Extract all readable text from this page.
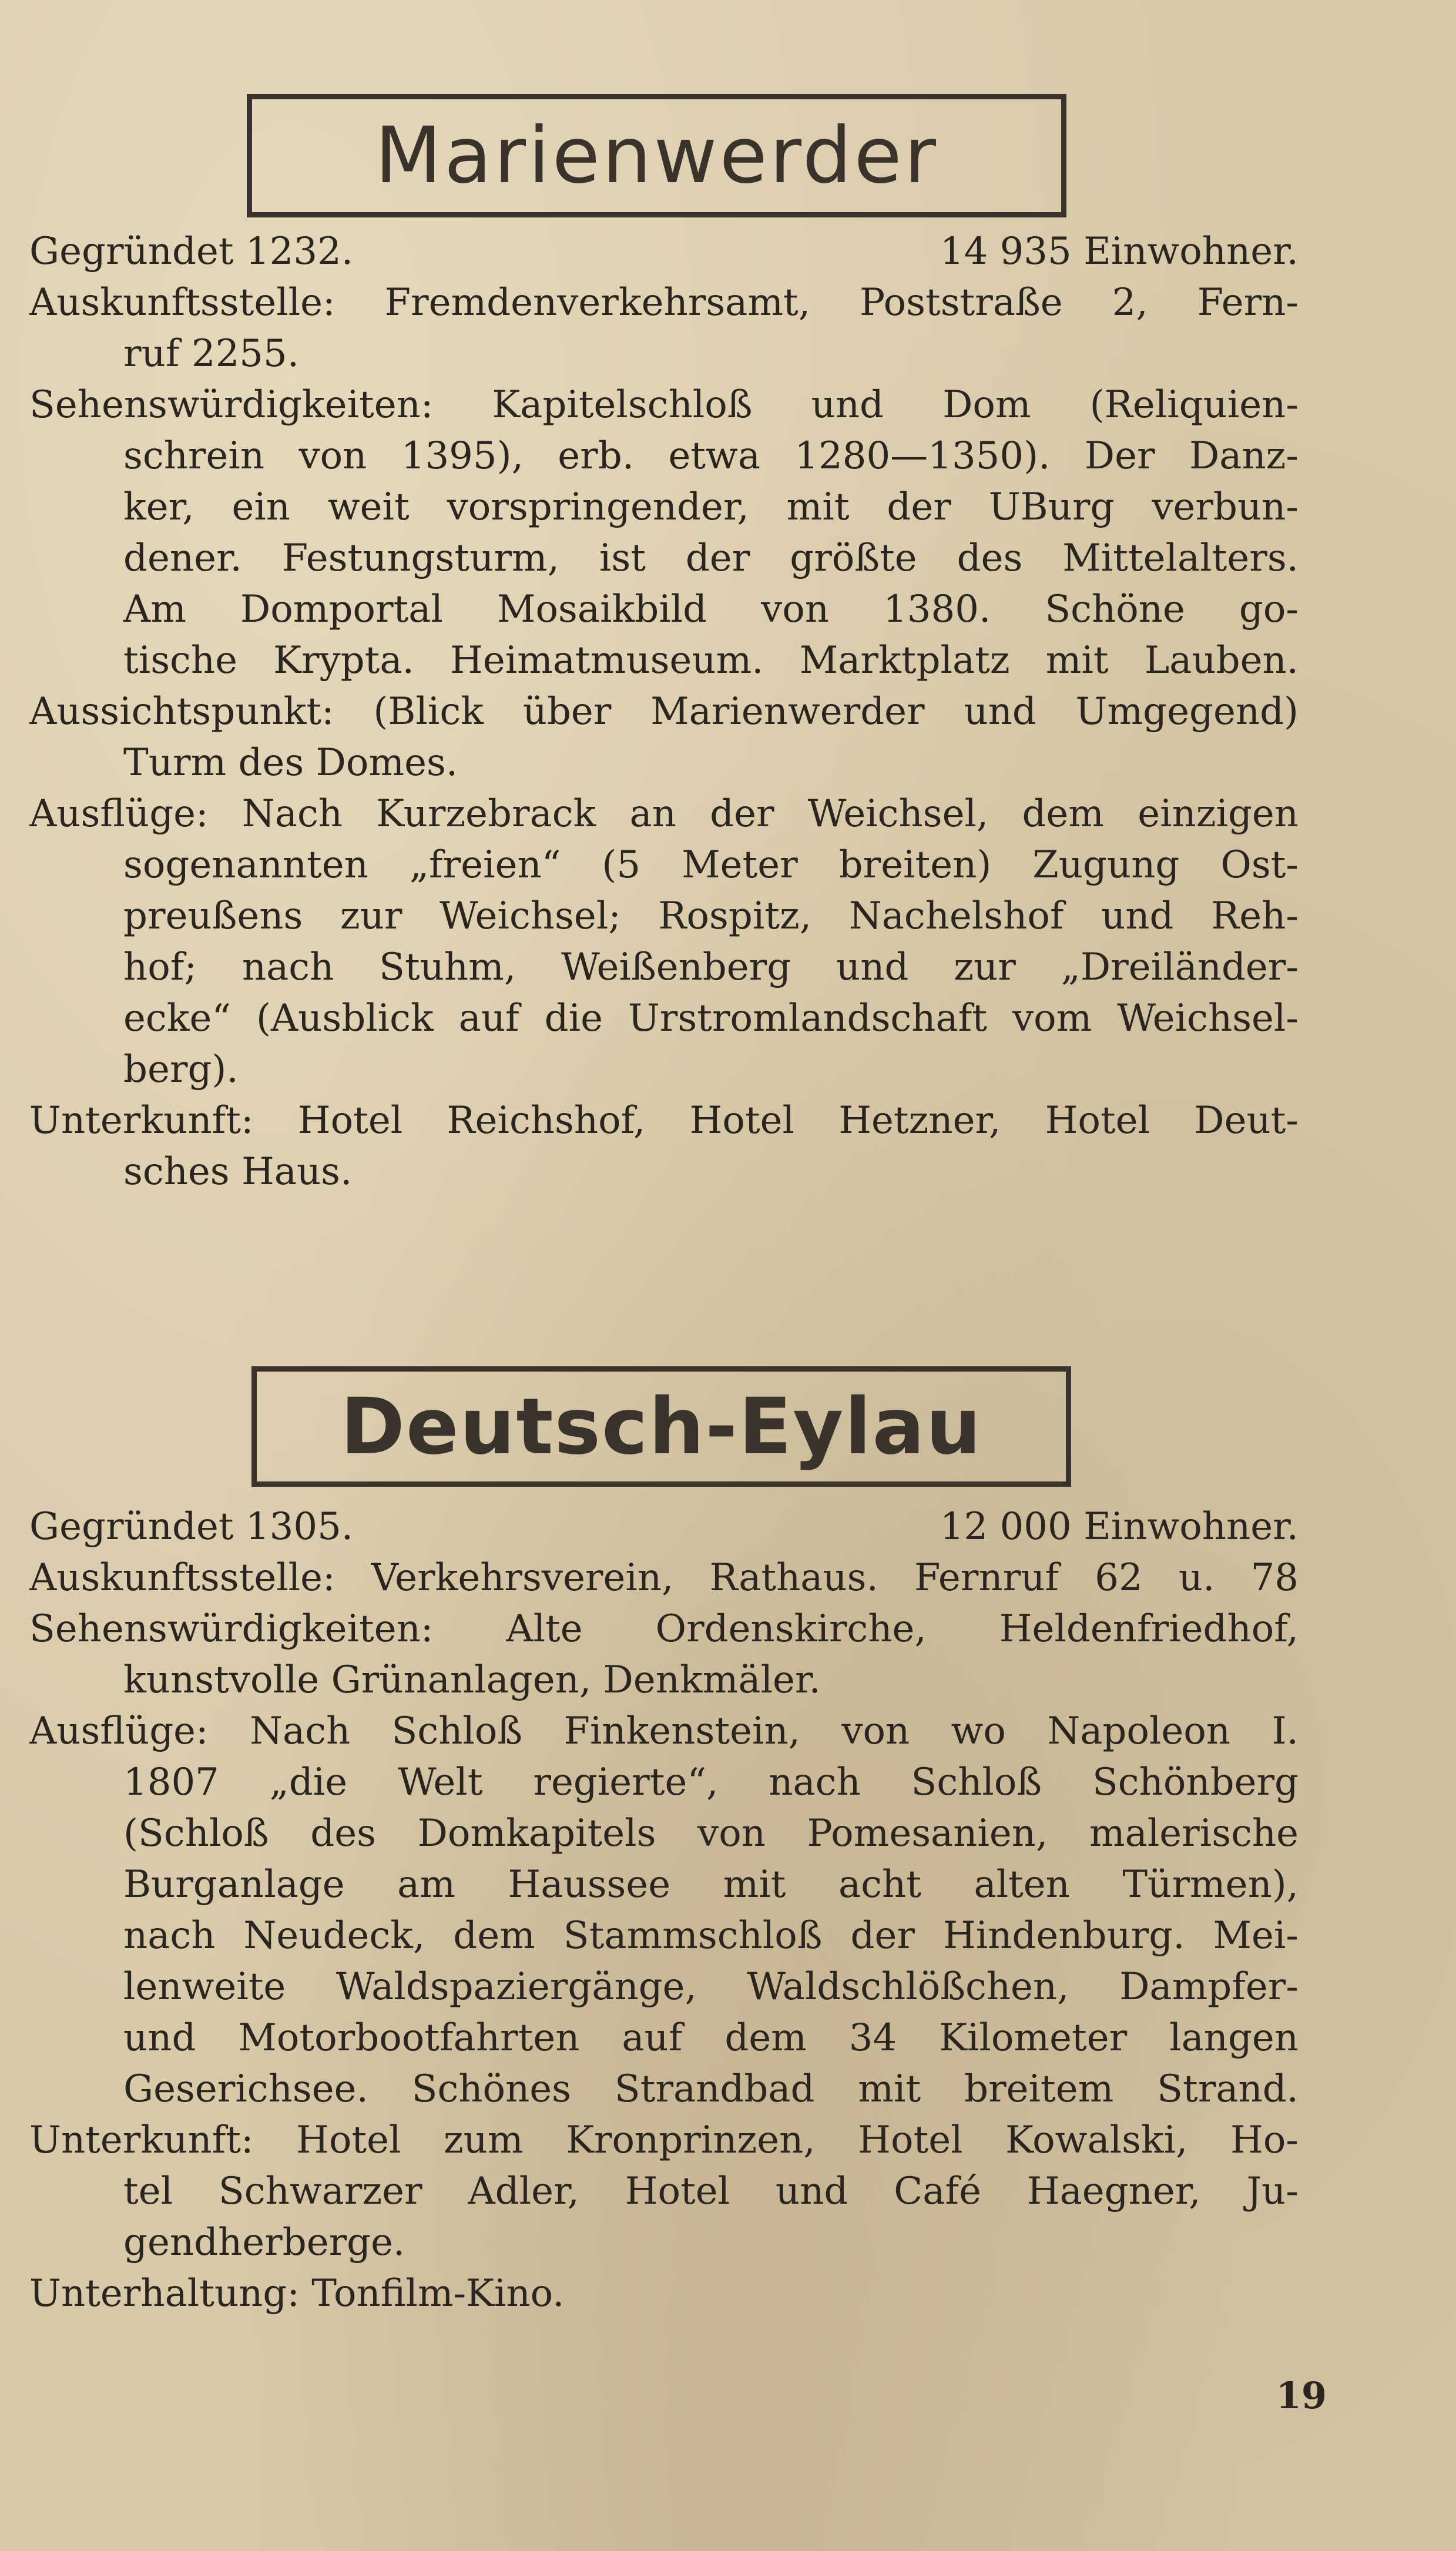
Marienwerder
Gegründet 1232.	14 935 Einwohner.
Auskunftsstelle: Fremdenverkehrsamt, Poststraße 2, Fern-
ruf 2255.
Sehenswürdigkeiten: Kapitelschloß und Dom (Reliquien-
schrein von 1395), erb. etwa 1280—1350). Der Danz-
ker, ein weit vorspringender, mit der UBurg verbun-
dener. Festungsturm, ist der größte des Mittelalters.
Am Domportal Mosaikbild von 1380. Schöne go-
tische Krypta. Heimatmuseum. Marktplatz mit Lauben.
Aussichtspunkt: (Blick über Marienwerder und Umgegend)
Turm des Domes.
Ausflüge: Nach Kurzebrack an der Weichsel, dem einzigen
sogenannten „freien“ (5 Meter breiten) Zugung Ost-
preußens zur Weichsel; Rospitz, Nachelshof und Reh-
hof; nach Stuhm, Weißenberg und zur „Dreiländer-
ecke“ (Ausblick auf die Urstromlandschaft vom Weichsel-
berg).
Unterkunft: Hotel Reichshof, Hotel Hetzner, Hotel Deut-
sches Haus.
Deutsch-Eylau
Gegründet 1305.	12 000 Einwohner.
Auskunftsstelle: Verkehrsverein, Rathaus. Fernruf 62 u. 78
Sehenswürdigkeiten: Alte Ordenskirche, Heldenfriedhof,
kunstvolle Grünanlagen, Denkmäler.
Ausflüge: Nach Schloß Finkenstein, von wo Napoleon I.
1807 „die Welt regierte“, nach Schloß Schönberg
(Schloß des Domkapitels von Pomesanien, malerische
Burganlage am Haussee mit acht alten Türmen),
nach Neudeck, dem Stammschloß der Hindenburg. Mei-
lenweite Waldspaziergänge, Waldschlößchen, Dampfer-
und Motorbootfahrten auf dem 34 Kilometer langen
Geserichsee. Schönes Strandbad mit breitem Strand.
Unterkunft: Hotel zum Kronprinzen, Hotel Kowalski, Ho-
tel Schwarzer Adler, Hotel und Café Haegner, Ju-
gendherberge.
Unterhaltung: Tonfilm-Kino.
19
